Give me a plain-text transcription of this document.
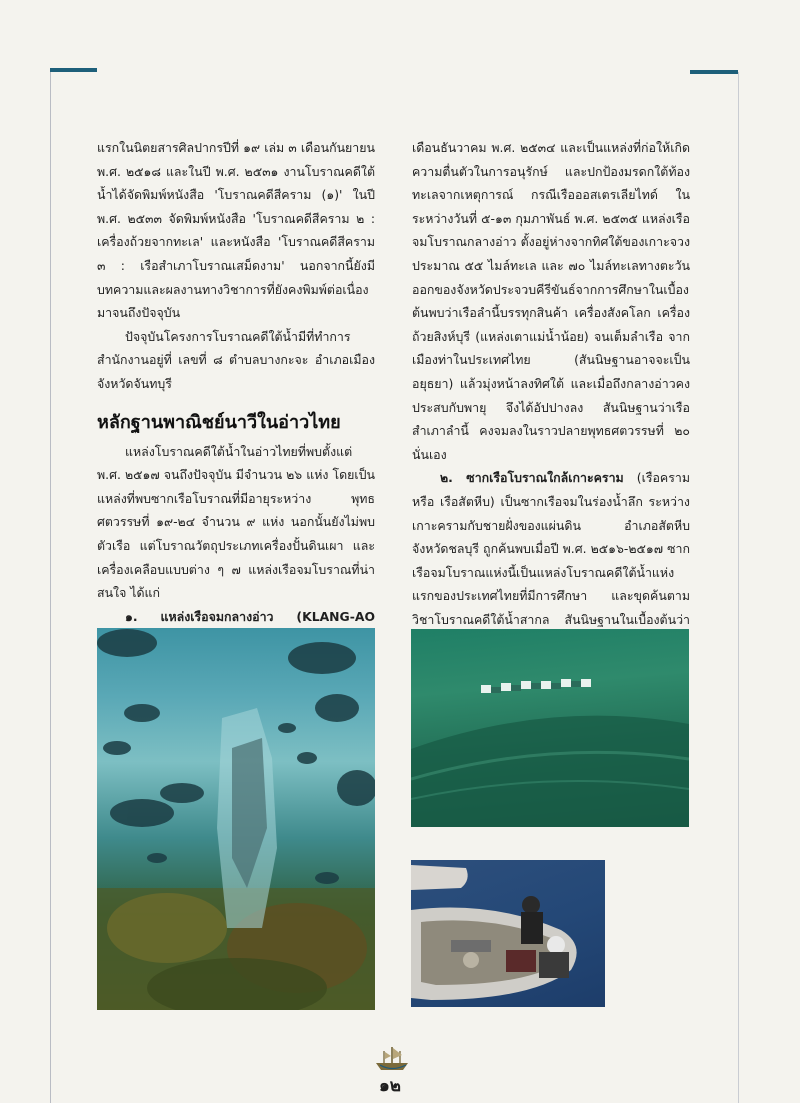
แรกในนิตยสารศิลปากรปีที่ ๑๙ เล่ม ๓ เดือนกันยายน พ.ศ. ๒๕๑๘ และในปี พ.ศ. ๒๕๓๑ งานโบราณคดีใต้น้ำได้จัดพิมพ์หนังสือ 'โบราณคดีสีคราม (๑)' ในปี พ.ศ. ๒๕๓๓ จัดพิมพ์หนังสือ 'โบราณคดีสีคราม ๒ : เครื่องถ้วยจากทะเล' และหนังสือ 'โบราณคดีสีคราม ๓ : เรือสำเภาโบราณเสม็ดงาม' นอกจากนี้ยังมีบทความและผลงานทางวิชาการที่ยังคงพิมพ์ต่อเนื่องมาจนถึงปัจจุบัน

ปัจจุบันโครงการโบราณคดีใต้น้ำมีที่ทำการสำนักงานอยู่ที่ เลขที่ ๘ ตำบลบางกะจะ อำเภอเมือง จังหวัดจันทบุรี

หลักฐานพาณิชย์นาวีในอ่าวไทย

แหล่งโบราณคดีใต้น้ำในอ่าวไทยที่พบตั้งแต่ พ.ศ. ๒๕๑๗ จนถึงปัจจุบัน มีจำนวน ๒๖ แห่ง โดยเป็นแหล่งที่พบซากเรือโบราณที่มีอายุระหว่าง พุทธศตวรรษที่ ๑๙-๒๔ จำนวน ๙ แห่ง นอกนั้นยังไม่พบตัวเรือ แต่โบราณวัตถุประเภทเครื่องปั้นดินเผา และเครื่องเคลือบแบบต่าง ๆ ๗ แหล่งเรือจมโบราณที่น่าสนใจ ได้แก่

๑. แหล่งเรือจมกลางอ่าว (KLANG-AO

เดือนธันวาคม พ.ศ. ๒๕๓๔ และเป็นแหล่งที่ก่อให้เกิดความตื่นตัวในการอนุรักษ์ และปกป้องมรดกใต้ท้องทะเลจากเหตุการณ์ กรณีเรือออสเตรเลียไทด์ ในระหว่างวันที่ ๕-๑๓ กุมภาพันธ์ พ.ศ. ๒๕๓๕ แหล่งเรือจมโบราณกลางอ่าว ตั้งอยู่ห่างจากทิศใต้ของเกาะจวงประมาณ ๕๕ ไมล์ทะเล และ ๗๐ ไมล์ทะเลทางตะวันออกของจังหวัดประจวบคีรีขันธ์จากการศึกษาในเบื้องต้นพบว่าเรือลำนี้บรรทุกสินค้า เครื่องสังคโลก เครื่องถ้วยสิงห์บุรี (แหล่งเตาแม่น้ำน้อย) จนเต็มลำเรือ จากเมืองท่าในประเทศไทย (สันนิษฐานอาจจะเป็นอยุธยา) แล้วมุ่งหน้าลงทิศใต้ และเมื่อถึงกลางอ่าวคงประสบกับพายุ จึงได้อัปปางลง สันนิษฐานว่าเรือสำเภาลำนี้ คงจมลงในราวปลายพุทธศตวรรษที่ ๒๐ นั่นเอง

๒. ซากเรือโบราณใกล้เกาะคราม (เรือครามหรือ เรือสัตหีบ) เป็นซากเรือจมในร่องน้ำลึก ระหว่างเกาะครามกับชายฝั่งของแผ่นดิน อำเภอสัตหีบ จังหวัดชลบุรี ถูกค้นพบเมื่อปี พ.ศ. ๒๕๑๖-๒๕๑๗ ซากเรือจมโบราณแห่งนี้เป็นแหล่งโบราณคดีใต้น้ำแห่งแรกของประเทศไทยที่มีการศึกษา และขุดค้นตามวิชาโบราณคดีใต้น้ำสากล สันนิษฐานในเบื้องต้นว่า

๑๒
